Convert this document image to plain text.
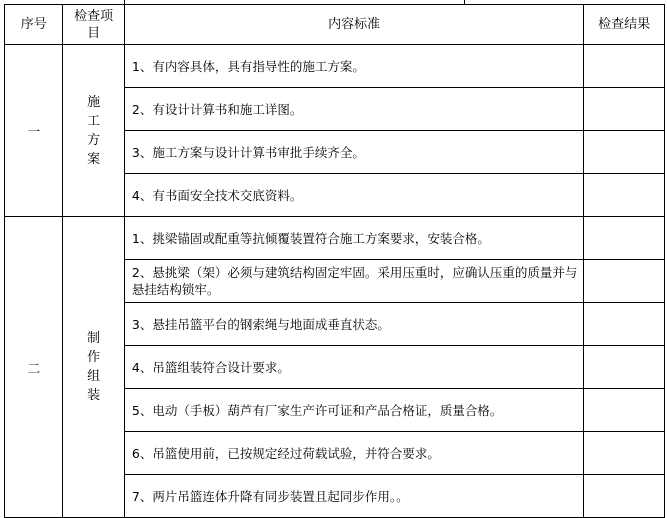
序号	检查项目	内容标准	检查结果
一	施工方案	1、有内容具体，具有指导性的施工方案。	
		2、有设计计算书和施工详图。	
		3、施工方案与设计计算书审批手续齐全。	
		4、有书面安全技术交底资料。	
二	制作组装	1、挑梁锚固或配重等抗倾覆装置符合施工方案要求，安装合格。	
		2、悬挑梁（架）必须与建筑结构固定牢固。采用压重时，应确认压重的质量并与悬挂结构锁牢。	
		3、悬挂吊篮平台的钢索绳与地面成垂直状态。	
		4、吊篮组装符合设计要求。	
		5、电动（手板）葫芦有厂家生产许可证和产品合格证，质量合格。	
		6、吊篮使用前，已按规定经过荷载试验，并符合要求。	
		7、两片吊篮连体升降有同步装置且起同步作用。。	
